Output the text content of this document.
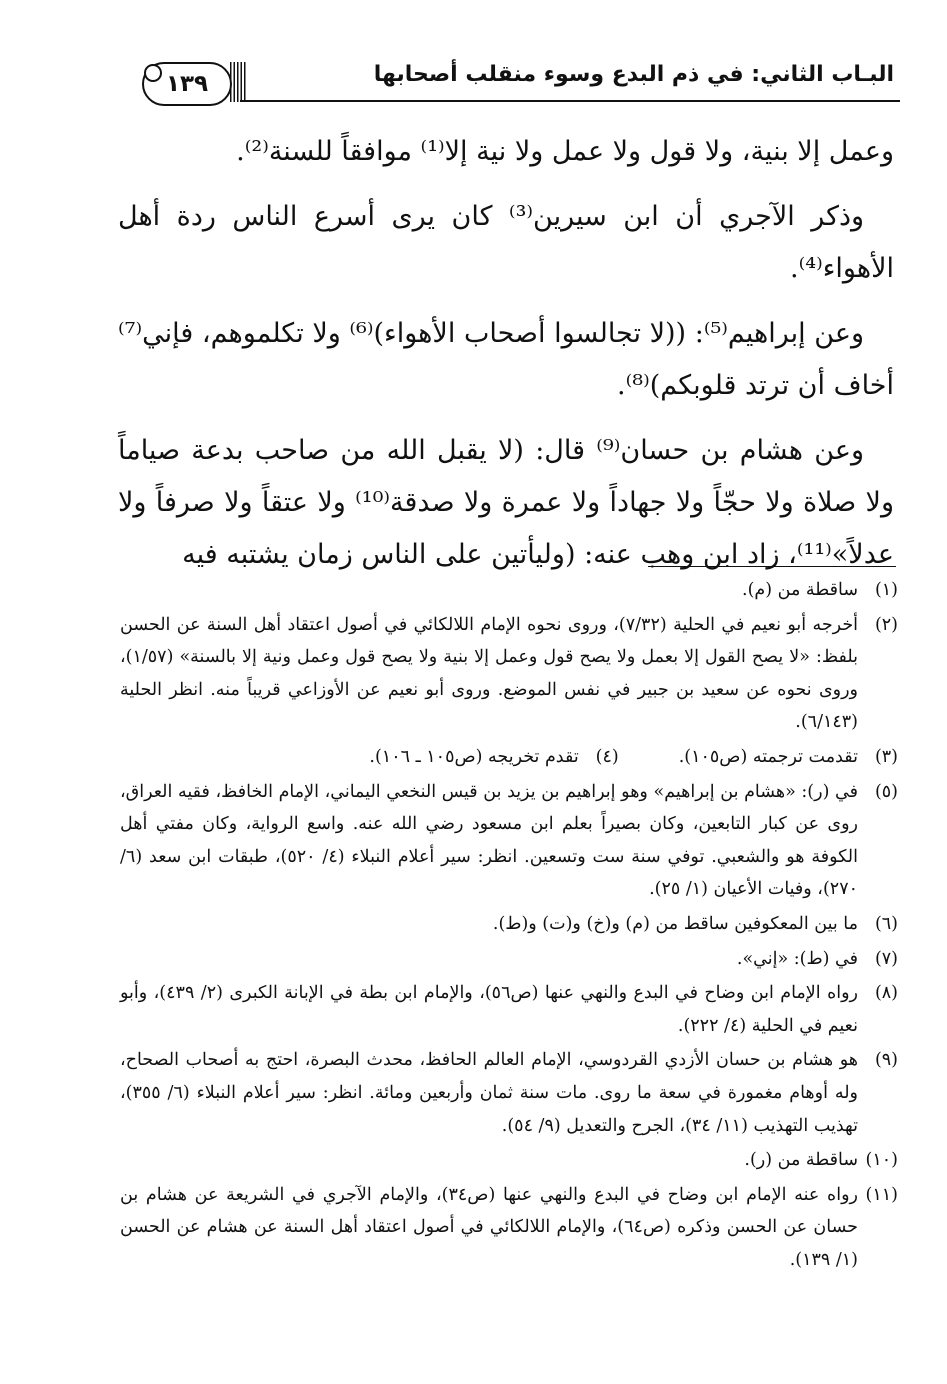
١٣٩	البـاب الثاني: في ذم البدع وسوء منقلب أصحابها

وعمل إلا بنية، ولا قول ولا عمل ولا نية إلا⁽¹⁾ موافقاً للسنة⁽²⁾.

وذكر الآجري أن ابن سيرين⁽³⁾ كان يرى أسرع الناس ردة أهل الأهواء⁽⁴⁾.

وعن إبراهيم⁽⁵⁾: ((لا تجالسوا أصحاب الأهواء)⁽⁶⁾ ولا تكلموهم، فإني⁽⁷⁾ أخاف أن ترتد قلوبكم)⁽⁸⁾.

وعن هشام بن حسان⁽⁹⁾ قال: (لا يقبل الله من صاحب بدعة صياماً ولا صلاة ولا حجّاً ولا جهاداً ولا عمرة ولا صدقة⁽¹⁰⁾ ولا عتقاً ولا صرفاً ولا عدلاً»⁽¹¹⁾، زاد ابن وهب عنه: (وليأتين على الناس زمان يشتبه فيه

(١)
ساقطة من (م).
(٢)
أخرجه أبو نعيم في الحلية (٧/٣٢)، وروى نحوه الإمام اللالكائي في أصول اعتقاد أهل السنة عن الحسن بلفظ: «لا يصح القول إلا بعمل ولا يصح قول وعمل إلا بنية ولا يصح قول وعمل ونية إلا بالسنة» (١/٥٧)، وروى نحوه عن سعيد بن جبير في نفس الموضع. وروى أبو نعيم عن الأوزاعي قريباً منه. انظر الحلية (٦/١٤٣).
(٣)
تقدمت ترجمته (ص١٠٥).
(٤)
تقدم تخريجه (ص١٠٥ ـ ١٠٦).
(٥)
في (ر): «هشام بن إبراهيم» وهو إبراهيم بن يزيد بن قيس النخعي اليماني، الإمام الخافظ، فقيه العراق، روى عن كبار التابعين، وكان بصيراً بعلم ابن مسعود رضي الله عنه. واسع الرواية، وكان مفتي أهل الكوفة هو والشعبي. توفي سنة ست وتسعين. انظر: سير أعلام النبلاء (٤/ ٥٢٠)، طبقات ابن سعد (٦/ ٢٧٠)، وفيات الأعيان (١/ ٢٥).
(٦)
ما بين المعكوفين ساقط من (م) و(خ) و(ت) و(ط).
(٧)
في (ط): «إني».
(٨)
رواه الإمام ابن وضاح في البدع والنهي عنها (ص٥٦)، والإمام ابن بطة في الإبانة الكبرى (٢/ ٤٣٩)، وأبو نعيم في الحلية (٤/ ٢٢٢).
(٩)
هو هشام بن حسان الأزدي القردوسي، الإمام العالم الحافظ، محدث البصرة، احتج به أصحاب الصحاح، وله أوهام مغمورة في سعة ما روى. مات سنة ثمان وأربعين ومائة. انظر: سير أعلام النبلاء (٦/ ٣٥٥)، تهذيب التهذيب (١١/ ٣٤)، الجرح والتعديل (٩/ ٥٤).
(١٠)
ساقطة من (ر).
(١١)
رواه عنه الإمام ابن وضاح في البدع والنهي عنها (ص٣٤)، والإمام الآجري في الشريعة عن هشام بن حسان عن الحسن وذكره (ص٦٤)، والإمام اللالكائي في أصول اعتقاد أهل السنة عن هشام عن الحسن (١/ ١٣٩).
